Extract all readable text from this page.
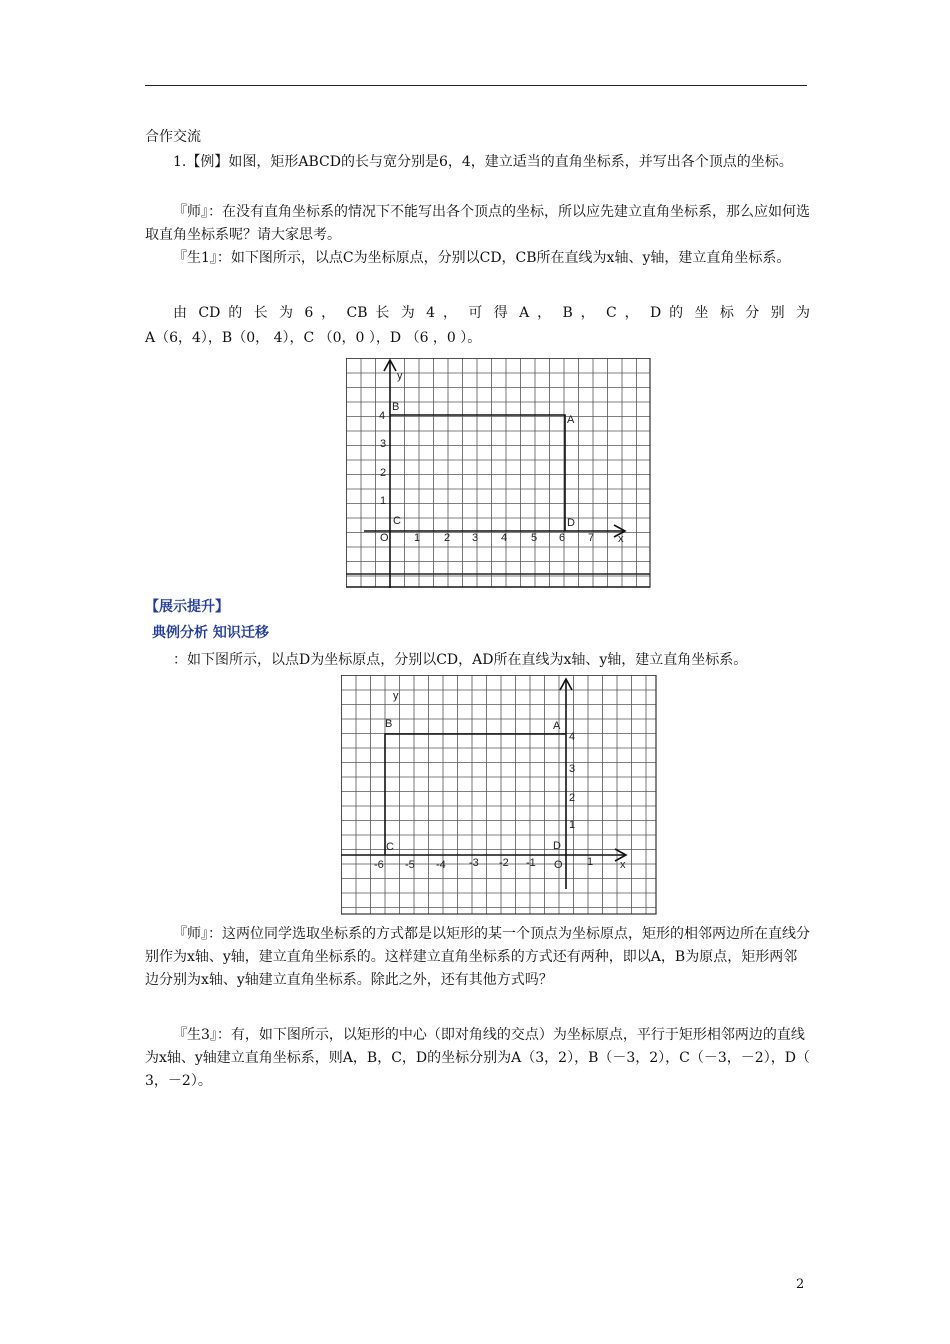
合作交流

1.【例】如图，矩形ABCD的长与宽分别是6，4，建立适当的直角坐标系，并写出各个顶点的坐标。

『师』：在没有直角坐标系的情况下不能写出各个顶点的坐标，所以应先建立直角坐标系，那么应如何选取直角坐标系呢？请大家思考。

『生1』：如下图所示，以点C为坐标原点，分别以CD，CB所在直线为x轴、y轴，建立直角坐标系。

由 CD 的 长 为 6 ， CB 长 为 4 ， 可 得 A ， B ， C ， D 的 坐 标 分 别 为

A（6，4），B（0， 4），C （0，0 ），D （6 ，0 ）。

y
B
A
C	D
O	x
4
3
2
1
1 2 3 4 5 6 7

【展示提升】

典例分析 知识迁移

：如下图所示，以点D为坐标原点，分别以CD，AD所在直线为x轴、y轴，建立直角坐标系。

y
B	A
C	D
O	x
4
3
2
1
-6 -5 -4 -3 -2 -1	1

『师』：这两位同学选取坐标系的方式都是以矩形的某一个顶点为坐标原点，矩形的相邻两边所在直线分别作为x轴、y轴，建立直角坐标系的。这样建立直角坐标系的方式还有两种，即以A，B为原点，矩形两邻边分别为x轴、y轴建立直角坐标系。除此之外，还有其他方式吗？

『生3』：有，如下图所示，以矩形的中心（即对角线的交点）为坐标原点，平行于矩形相邻两边的直线为x轴、y轴建立直角坐标系，则A，B，C，D的坐标分别为A（3，2），B（－3，2），C（－3，－2），D（ 3，－2）。

2
